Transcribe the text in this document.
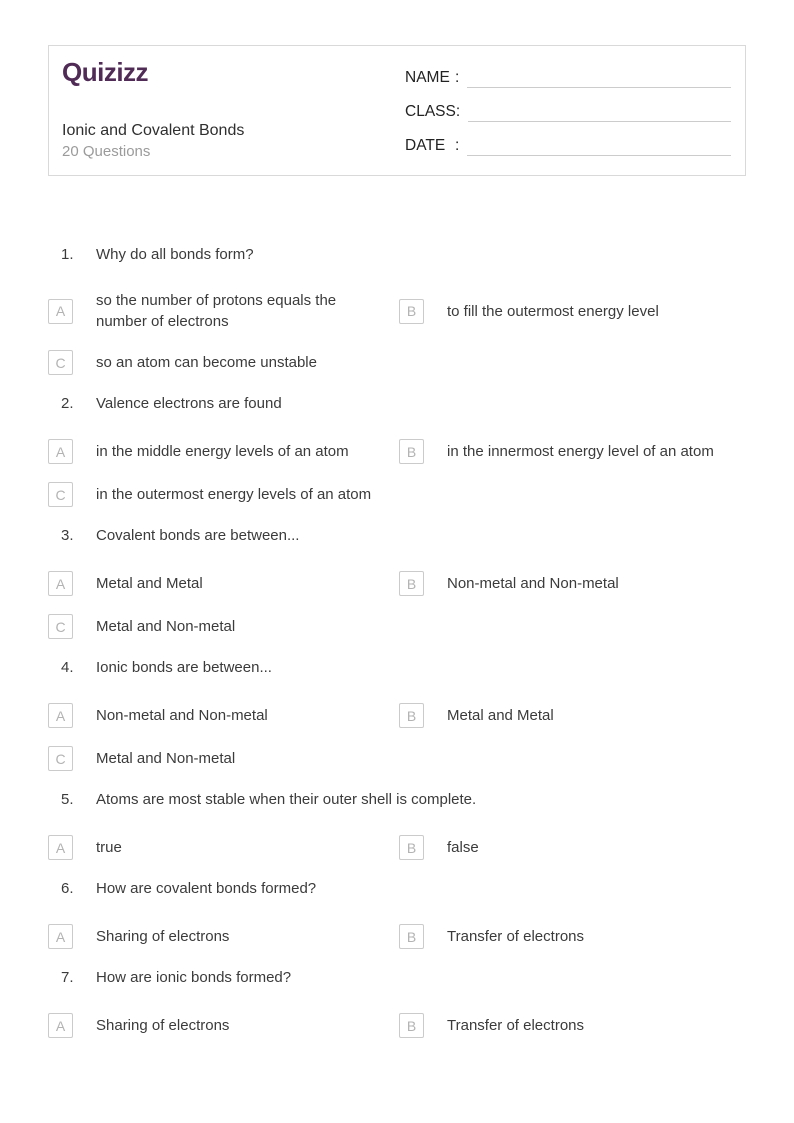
Quizizz
Ionic and Covalent Bonds
20 Questions
NAME :
CLASS :
DATE :
1.	Why do all bonds form?
A
so the number of protons equals the number of electrons
B	to fill the outermost energy level
C	so an atom can become unstable
2.	Valence electrons are found
A	in the middle energy levels of an atom	B	in the innermost energy level of an atom
C	in the outermost energy levels of an atom
3.	Covalent bonds are between...
A	Metal and Metal	B	Non-metal and Non-metal
C	Metal and Non-metal
4.	Ionic bonds are between...
A	Non-metal and Non-metal	B	Metal and Metal
C	Metal and Non-metal
5.	Atoms are most stable when their outer shell is complete.
A	true	B	false
6.	How are covalent bonds formed?
A	Sharing of electrons	B	Transfer of electrons
7.	How are ionic bonds formed?
A	Sharing of electrons	B	Transfer of electrons
